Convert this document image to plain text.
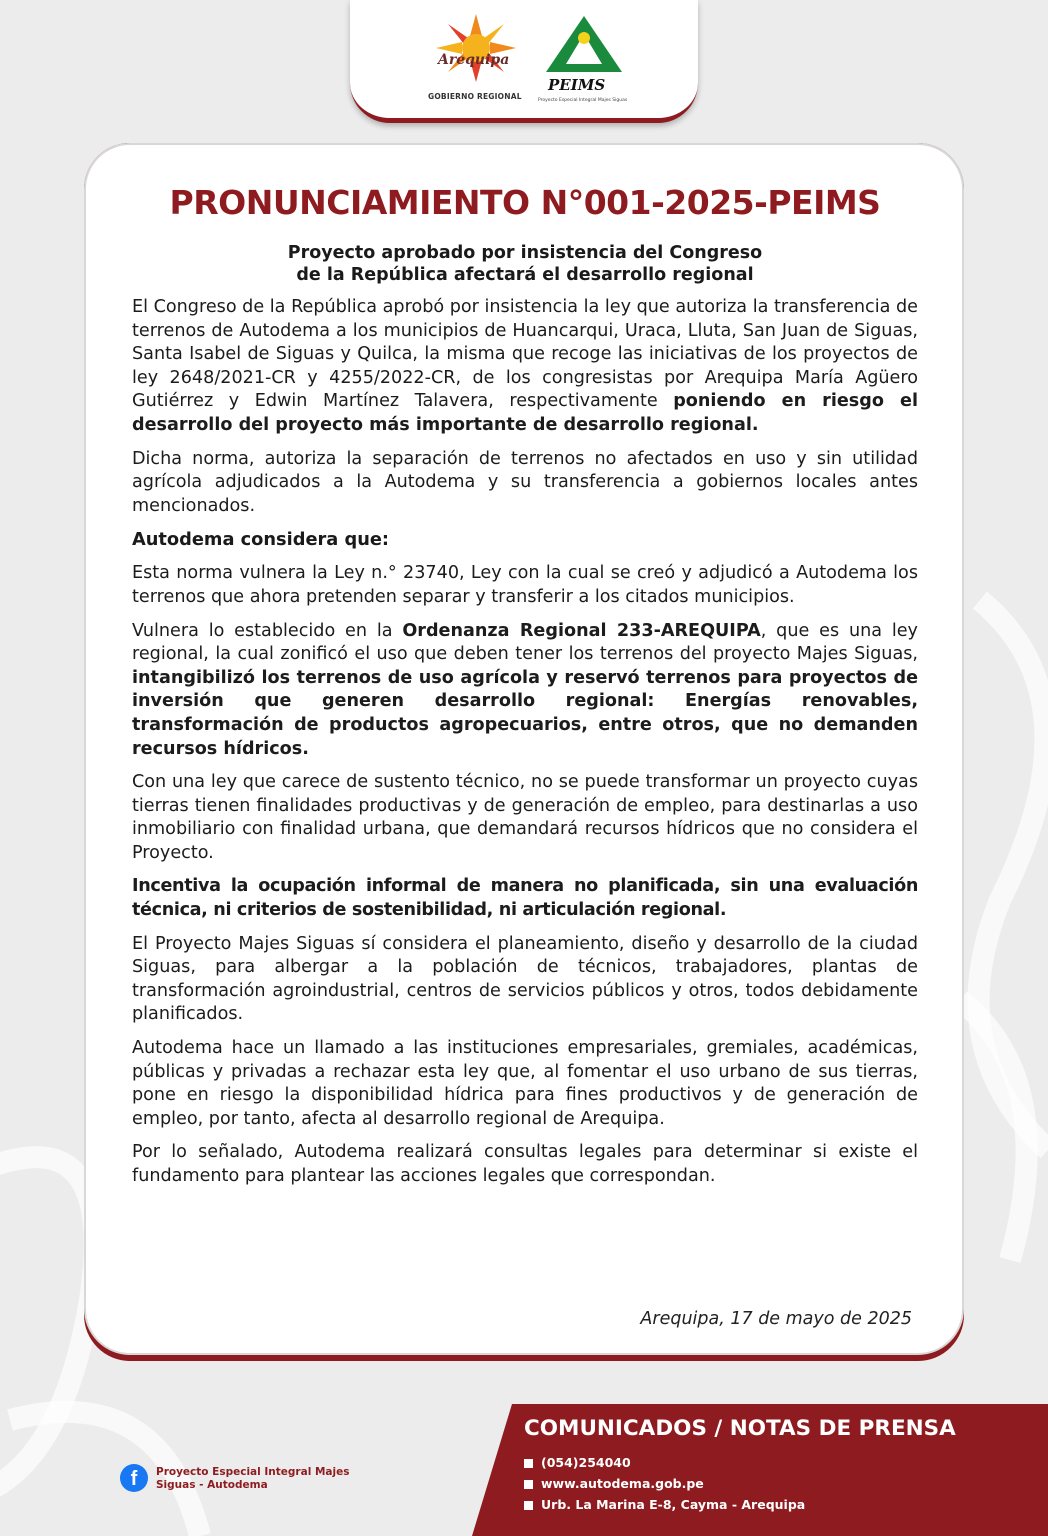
Arequipa
GOBIERNO REGIONAL
PEIMS
Proyecto Especial Integral Majes Siguas
PRONUNCIAMIENTO N°001-2025-PEIMS
Proyecto aprobado por insistencia del Congreso
de la República afectará el desarrollo regional

El Congreso de la República aprobó por insistencia la ley que autoriza la transferencia de terrenos de Autodema a los municipios de Huancarqui, Uraca, Lluta, San Juan de Siguas, Santa Isabel de Siguas y Quilca, la misma que recoge las iniciativas de los proyectos de ley 2648/2021-CR y 4255/2022-CR, de los congresistas por Arequipa María Agüero Gutiérrez y Edwin Martínez Talavera, respectivamente poniendo en riesgo el desarrollo del proyecto más importante de desarrollo regional.

Dicha norma, autoriza la separación de terrenos no afectados en uso y sin utilidad agrícola adjudicados a la Autodema y su transferencia a gobiernos locales antes mencionados.

Autodema considera que:

Esta norma vulnera la Ley n.° 23740, Ley con la cual se creó y adjudicó a Autodema los terrenos que ahora pretenden separar y transferir a los citados municipios.

Vulnera lo establecido en la Ordenanza Regional 233-AREQUIPA, que es una ley regional, la cual zonificó el uso que deben tener los terrenos del proyecto Majes Siguas, intangibilizó los terrenos de uso agrícola y reservó terrenos para proyectos de inversión que generen desarrollo regional: Energías renovables, transformación de productos agropecuarios, entre otros, que no demanden recursos hídricos.

Con una ley que carece de sustento técnico, no se puede transformar un proyecto cuyas tierras tienen finalidades productivas y de generación de empleo, para destinarlas a uso inmobiliario con finalidad urbana, que demandará recursos hídricos que no considera el Proyecto.

Incentiva la ocupación informal de manera no planificada, sin una evaluación técnica, ni criterios de sostenibilidad, ni articulación regional.

El Proyecto Majes Siguas sí considera el planeamiento, diseño y desarrollo de la ciudad Siguas, para albergar a la población de técnicos, trabajadores, plantas de transformación agroindustrial, centros de servicios públicos y otros, todos debidamente planificados.

Autodema hace un llamado a las instituciones empresariales, gremiales, académicas, públicas y privadas a rechazar esta ley que, al fomentar el uso urbano de sus tierras, pone en riesgo la disponibilidad hídrica para fines productivos y de generación de empleo, por tanto, afecta al desarrollo regional de Arequipa.

Por lo señalado, Autodema realizará consultas legales para determinar si existe el fundamento para plantear las acciones legales que correspondan.

Arequipa, 17 de mayo de 2025
COMUNICADOS / NOTAS DE PRENSA
(054)254040
www.autodema.gob.pe
Urb. La Marina E-8, Cayma - Arequipa
f	Proyecto Especial Integral Majes
Siguas - Autodema
